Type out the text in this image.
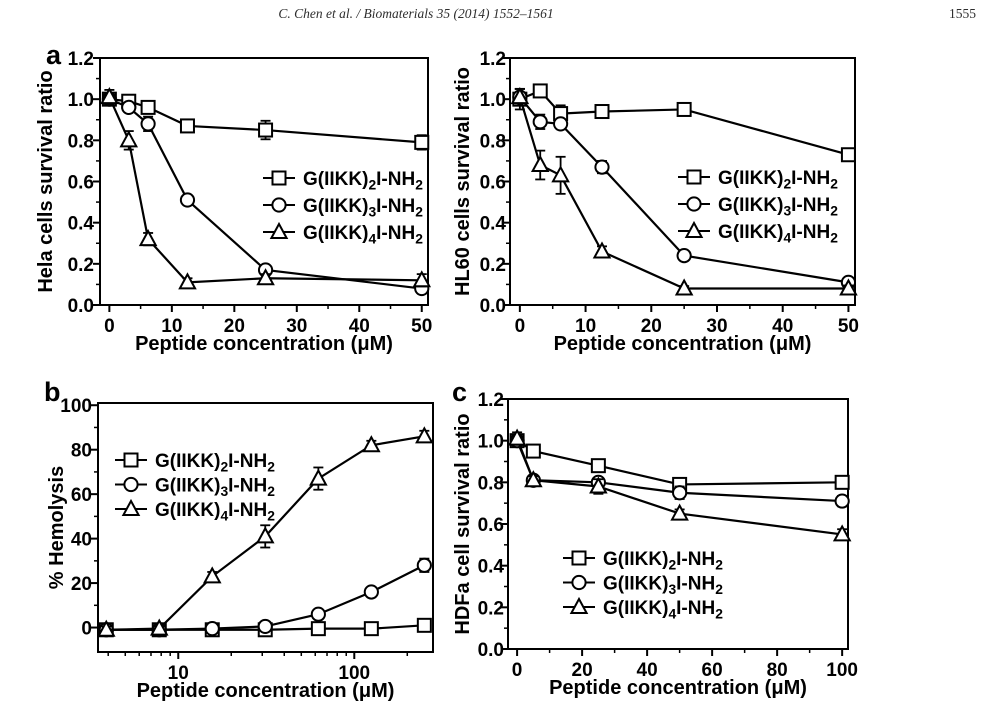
C. Chen et al. / Biomaterials 35 (2014) 1552–1561	1555
a
b	c
0 10 20 30 40 50
0.0
0.2
0.4
0.6
0.8
1.0
1.2
Peptide concentration (μM)
Hela cells survival ratio	$G(IIKK)_2I-NH_2$
$G(IIKK)_3I-NH_2$
$G(IIKK)_4I-NH_2$
0	10 20 30 40 50
0.0
0.2
0.4
0.6
0.8
1.0
1.2
Peptide concentration (μM)
HL60 cells survival ratio	$G(IIKK)_2I-NH_2$
$G(IIKK)_3I-NH_2$
$G(IIKK)_4I-NH_2$
10	100
0
20
40
60
80
100
Peptide concentration (μM)
% Hemolysis
$G(IIKK)_2I-NH_2$
$G(IIKK)_3I-NH_2$
$G(IIKK)_4I-NH_2$
0	20 40 60 80 100
0.0
0.2
0.4
0.6
0.8
1.0
1.2
Peptide concentration (μM)
HDFa cell survival ratio	$G(IIKK)_2I-NH_2$
$G(IIKK)_3I-NH_2$
$G(IIKK)_4I-NH_2$
